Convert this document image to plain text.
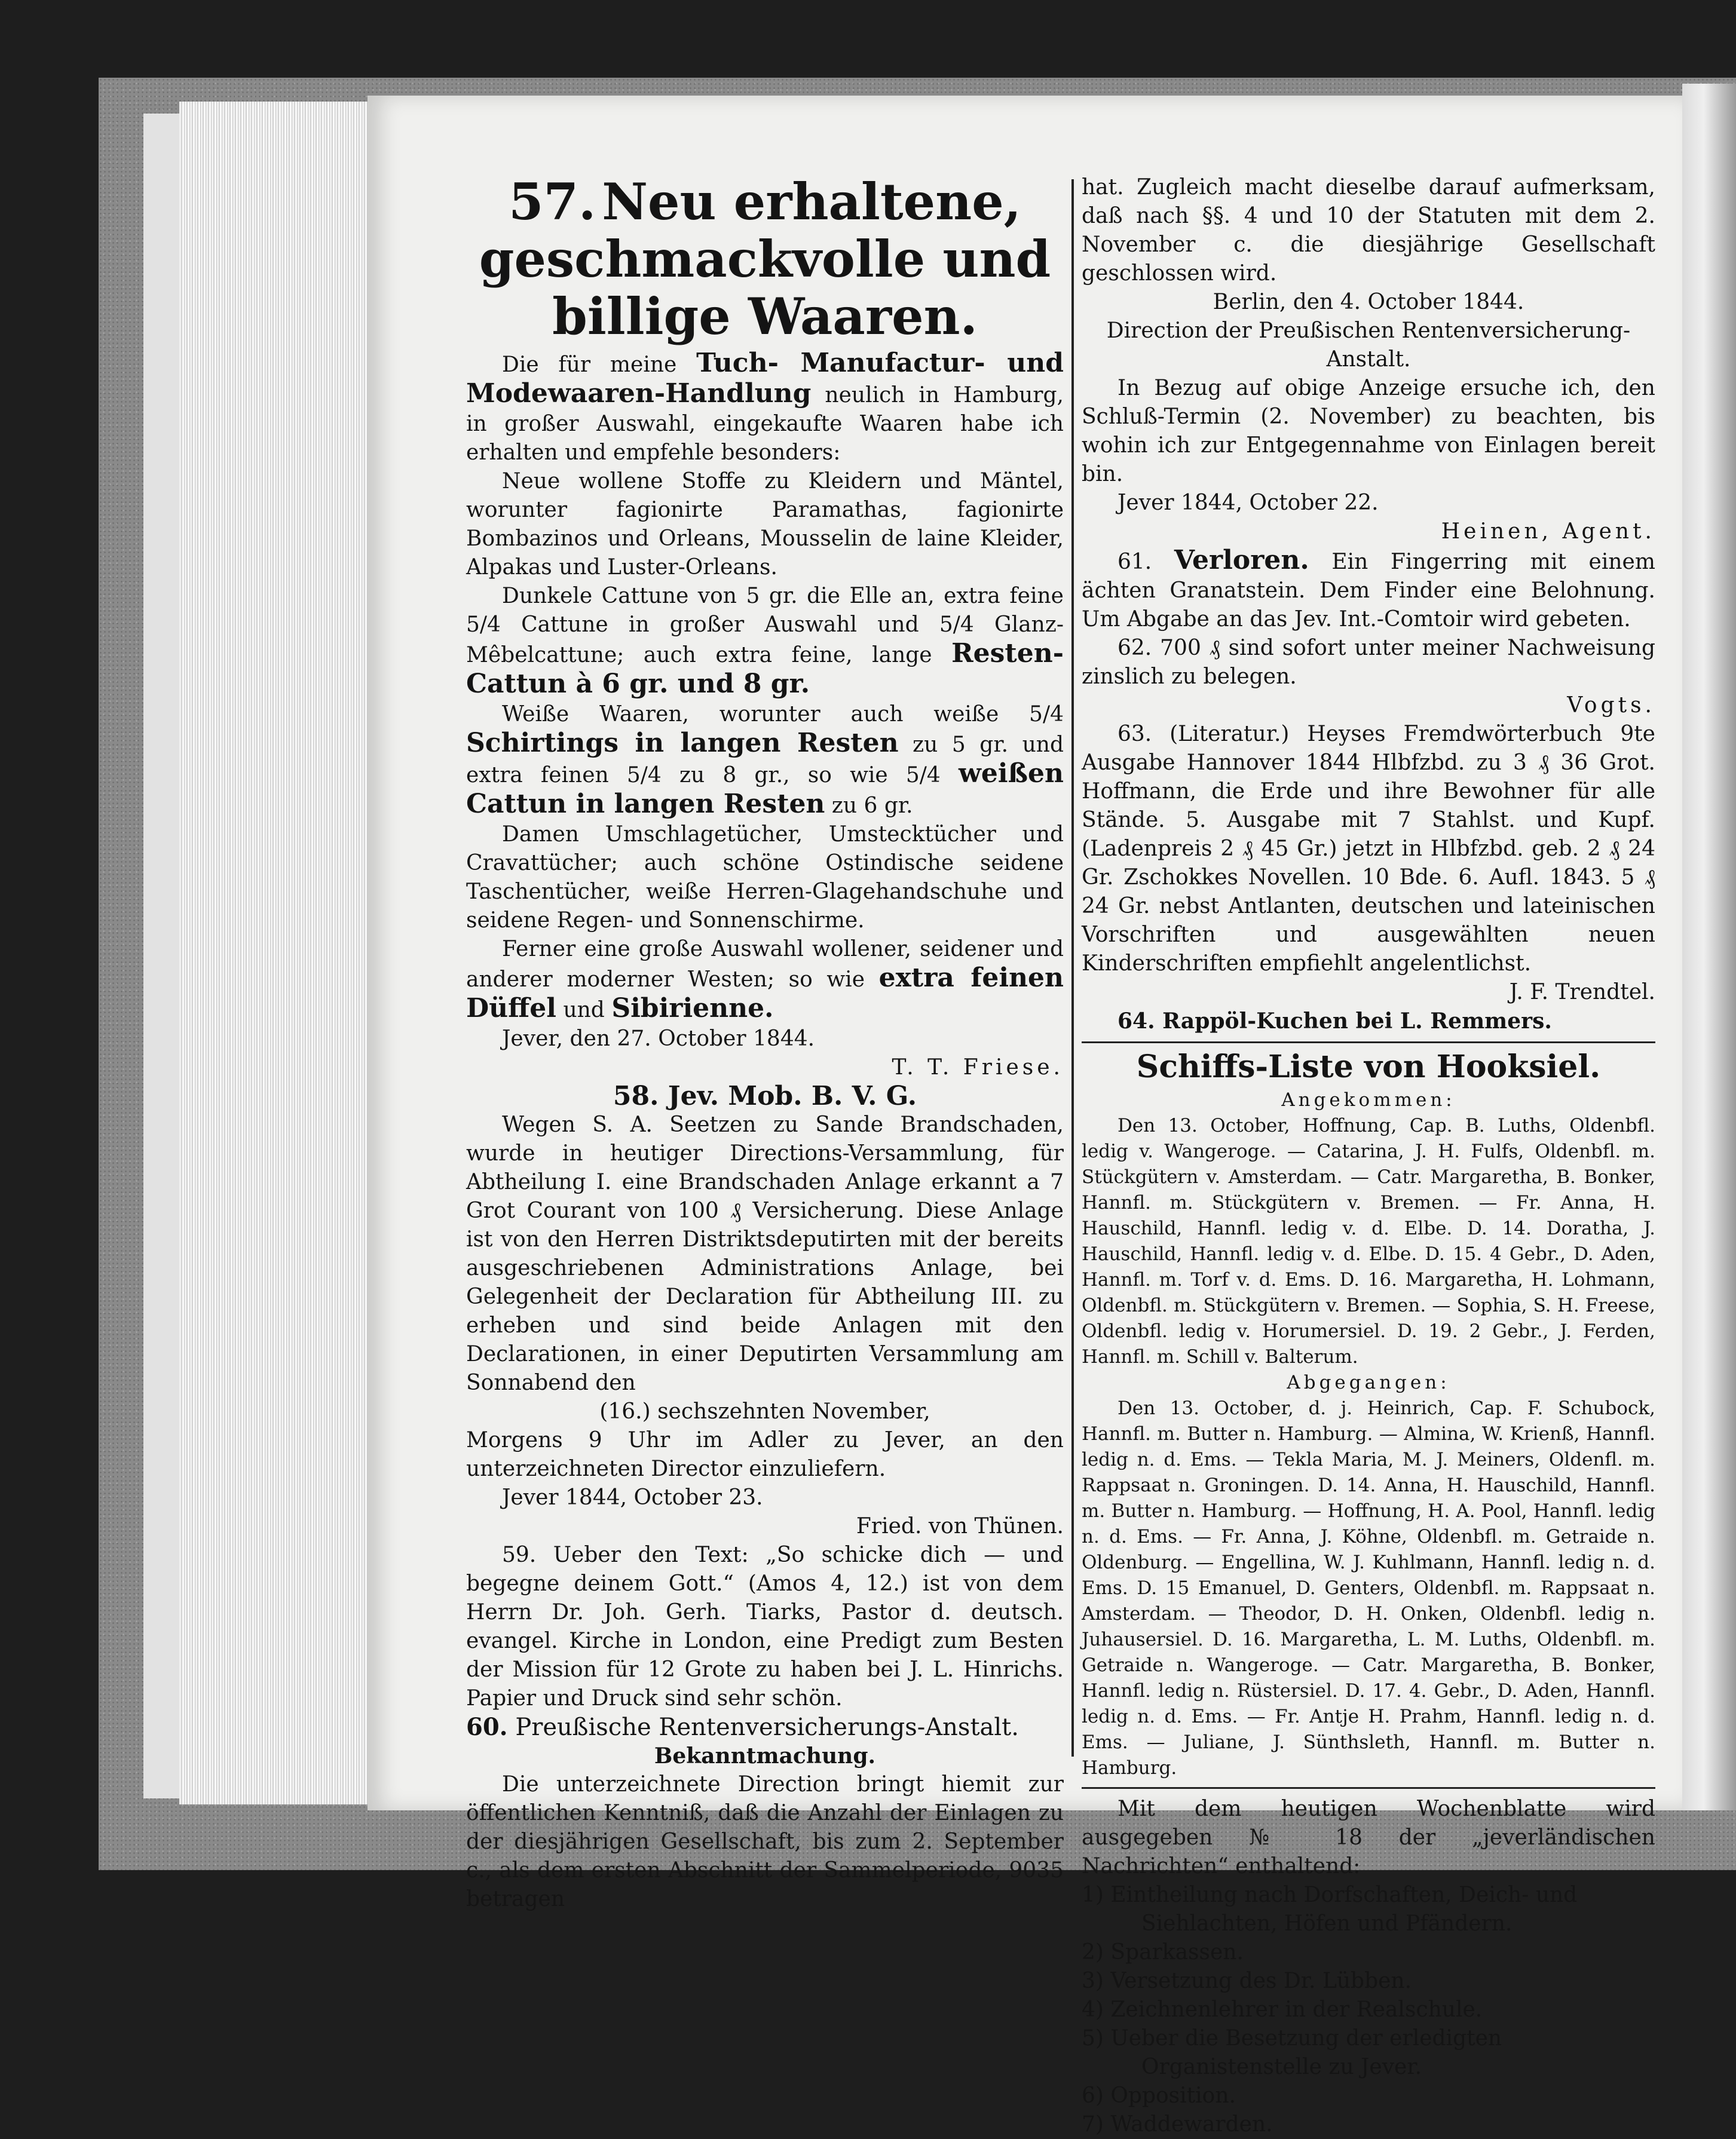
57. Neu erhaltene, geschmackvolle und billige Waaren.

Die für meine Tuch- Manufactur- und Modewaaren-Handlung neulich in Hamburg, in großer Auswahl, eingekaufte Waaren habe ich erhalten und empfehle besonders:

Neue wollene Stoffe zu Kleidern und Mäntel, worunter fagionirte Paramathas, fagionirte Bombazinos und Orleans, Mousselin de laine Kleider, Alpakas und Luster-Orleans.

Dunkele Cattune von 5 gr. die Elle an, extra feine 5/4 Cattune in großer Auswahl und 5/4 Glanz-Mêbelcattune; auch extra feine, lange Resten-Cattun à 6 gr. und 8 gr.

Weiße Waaren, worunter auch weiße 5/4 Schirtings in langen Resten zu 5 gr. und extra feinen 5/4 zu 8 gr., so wie 5/4 weißen Cattun in langen Resten zu 6 gr.

Damen Umschlagetücher, Umstecktücher und Cravattücher; auch schöne Ostindische seidene Taschentücher, weiße Herren-Glagehandschuhe und seidene Regen- und Sonnenschirme.

Ferner eine große Auswahl wollener, seidener und anderer moderner Westen; so wie extra feinen Düffel und Sibirienne.

Jever, den 27. October 1844.

T. T. Friese.

58. Jev. Mob. B. V. G.

Wegen S. A. Seetzen zu Sande Brandschaden, wurde in heutiger Directions-Versammlung, für Abtheilung I. eine Brandschaden Anlage erkannt a 7 Grot Courant von 100 ₰ Versicherung. Diese Anlage ist von den Herren Distriktsdeputirten mit der bereits ausgeschriebenen Administrations Anlage, bei Gelegenheit der Declaration für Abtheilung III. zu erheben und sind beide Anlagen mit den Declarationen, in einer Deputirten Versammlung am Sonnabend den

(16.) sechszehnten November,

Morgens 9 Uhr im Adler zu Jever, an den unterzeichneten Director einzuliefern.

Jever 1844, October 23.

Fried. von Thünen.

59. Ueber den Text: „So schicke dich — und begegne deinem Gott.“ (Amos 4, 12.) ist von dem Herrn Dr. Joh. Gerh. Tiarks, Pastor d. deutsch. evangel. Kirche in London, eine Predigt zum Besten der Mission für 12 Grote zu haben bei J. L. Hinrichs. Papier und Druck sind sehr schön.

60. Preußische Rentenversicherungs-Anstalt.

Bekanntmachung.

Die unterzeichnete Direction bringt hiemit zur öffentlichen Kenntniß, daß die Anzahl der Einlagen zu der diesjährigen Gesellschaft, bis zum 2. September c., als dem ersten Abschnitt der Sammelperiode, 9035 betragen

hat. Zugleich macht dieselbe darauf aufmerksam, daß nach §§. 4 und 10 der Statuten mit dem 2. November c. die diesjährige Gesellschaft geschlossen wird.

Berlin, den 4. October 1844.

Direction der Preußischen Rentenversicherung-Anstalt.

In Bezug auf obige Anzeige ersuche ich, den Schluß-Termin (2. November) zu beachten, bis wohin ich zur Entgegennahme von Einlagen bereit bin.

Jever 1844, October 22.

Heinen, Agent.

61. Verloren. Ein Fingerring mit einem ächten Granatstein. Dem Finder eine Belohnung. Um Abgabe an das Jev. Int.-Comtoir wird gebeten.

62. 700 ₰ sind sofort unter meiner Nachweisung zinslich zu belegen.

Vogts.

63. (Literatur.) Heyses Fremdwörterbuch 9te Ausgabe Hannover 1844 Hlbfzbd. zu 3 ₰ 36 Grot. Hoffmann, die Erde und ihre Bewohner für alle Stände. 5. Ausgabe mit 7 Stahlst. und Kupf. (Ladenpreis 2 ₰ 45 Gr.) jetzt in Hlbfzbd. geb. 2 ₰ 24 Gr. Zschokkes Novellen. 10 Bde. 6. Aufl. 1843. 5 ₰ 24 Gr. nebst Antlanten, deutschen und lateinischen Vorschriften und ausgewählten neuen Kinderschriften empfiehlt angelentlichst.

J. F. Trendtel.

64. Rappöl-Kuchen bei L. Remmers.

Schiffs-Liste von Hooksiel.

Angekommen:

Den 13. October, Hoffnung, Cap. B. Luths, Oldenbfl. ledig v. Wangeroge. — Catarina, J. H. Fulfs, Oldenbfl. m. Stückgütern v. Amsterdam. — Catr. Margaretha, B. Bonker, Hannfl. m. Stückgütern v. Bremen. — Fr. Anna, H. Hauschild, Hannfl. ledig v. d. Elbe. D. 14. Doratha, J. Hauschild, Hannfl. ledig v. d. Elbe. D. 15. 4 Gebr., D. Aden, Hannfl. m. Torf v. d. Ems. D. 16. Margaretha, H. Lohmann, Oldenbfl. m. Stückgütern v. Bremen. — Sophia, S. H. Freese, Oldenbfl. ledig v. Horumersiel. D. 19. 2 Gebr., J. Ferden, Hannfl. m. Schill v. Balterum.

Abgegangen:

Den 13. October, d. j. Heinrich, Cap. F. Schubock, Hannfl. m. Butter n. Hamburg. — Almina, W. Krienß, Hannfl. ledig n. d. Ems. — Tekla Maria, M. J. Meiners, Oldenfl. m. Rappsaat n. Groningen. D. 14. Anna, H. Hauschild, Hannfl. m. Butter n. Hamburg. — Hoffnung, H. A. Pool, Hannfl. ledig n. d. Ems. — Fr. Anna, J. Köhne, Oldenbfl. m. Getraide n. Oldenburg. — Engellina, W. J. Kuhlmann, Hannfl. ledig n. d. Ems. D. 15 Emanuel, D. Genters, Oldenbfl. m. Rappsaat n. Amsterdam. — Theodor, D. H. Onken, Oldenbfl. ledig n. Juhausersiel. D. 16. Margaretha, L. M. Luths, Oldenbfl. m. Getraide n. Wangeroge. — Catr. Margaretha, B. Bonker, Hannfl. ledig n. Rüstersiel. D. 17. 4. Gebr., D. Aden, Hannfl. ledig n. d. Ems. — Fr. Antje H. Prahm, Hannfl. ledig n. d. Ems. — Juliane, J. Sünthsleth, Hannfl. m. Butter n. Hamburg.

Mit dem heutigen Wochenblatte wird ausgegeben № 18 der „jeverländischen Nachrichten“ enthaltend:

1) Eintheilung nach Dorfschaften, Deich- und Siehlachten, Höfen und Pfändern.
2) Sparkassen.
3) Versetzung des Dr. Lübben.
4) Zeichnenlehrer in der Realschule.
5) Ueber die Besetzung der erledigten Organistenstelle zu Jever.
6) Opposition.
7) Waddewarden.
